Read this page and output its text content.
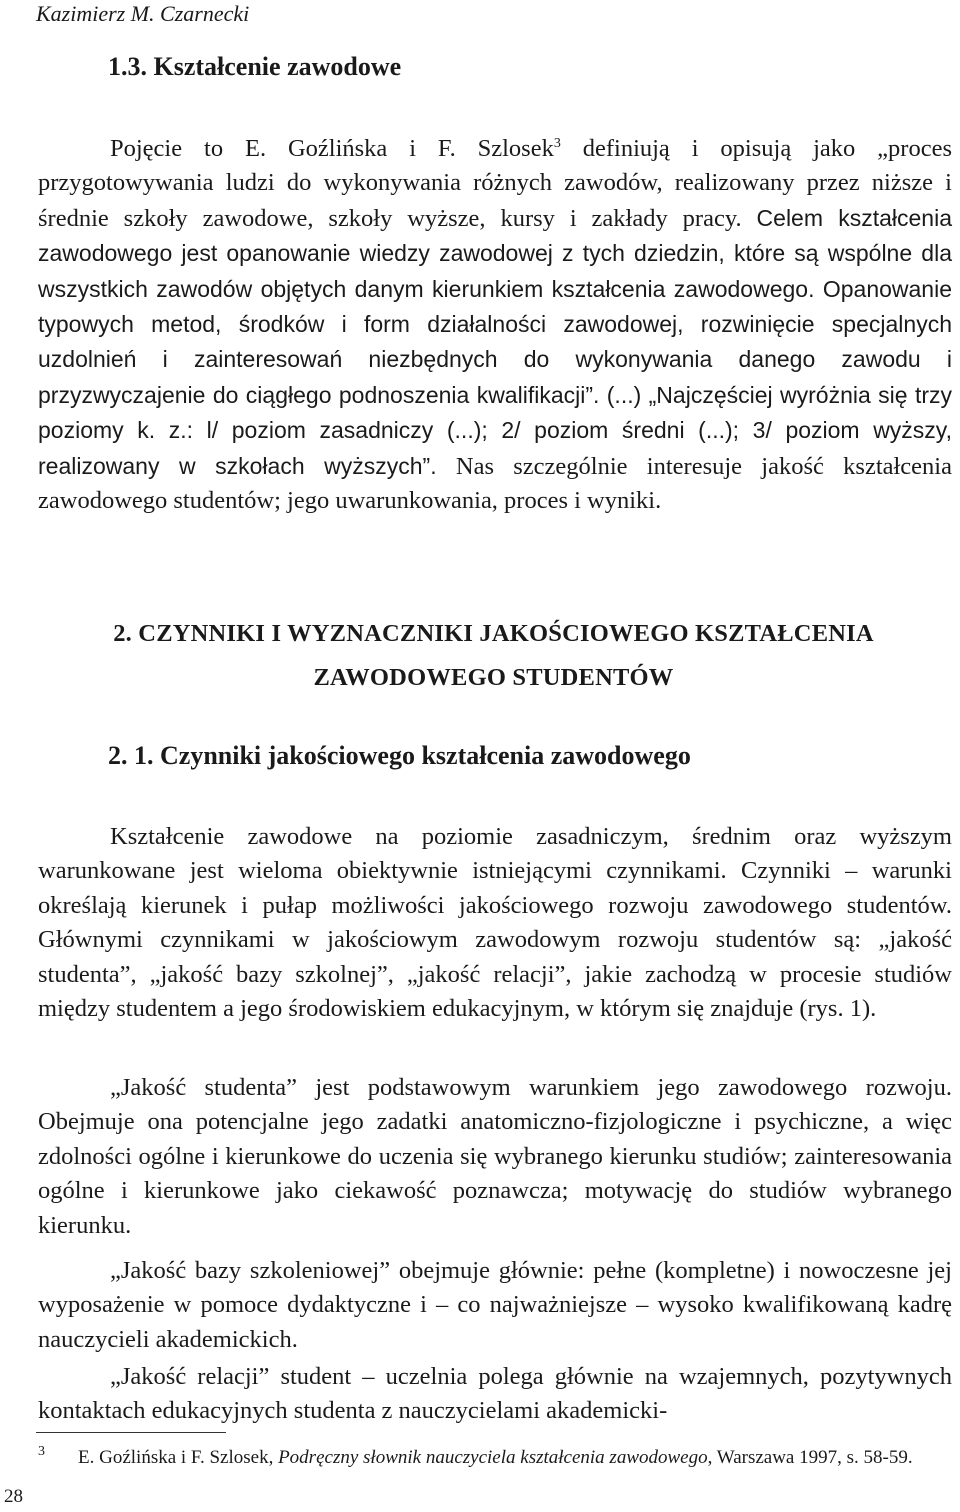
Kazimierz M. Czarnecki
1.3. Kształcenie zawodowe

Pojęcie to E. Goźlińska i F. Szlosek$^3$ definiują i opisują jako „proces przygotowywania ludzi do wykonywania różnych zawodów, realizowany przez niższe i średnie szkoły zawodowe, szkoły wyższe, kursy i zakłady pracy. Celem kształcenia zawodowego jest opanowanie wiedzy zawodowej z tych dziedzin, które są wspólne dla wszystkich zawodów objętych danym kierunkiem kształcenia zawodowego. Opanowanie typowych metod, środków i form działalności zawodowej, rozwinięcie specjalnych uzdolnień i zainteresowań niezbędnych do wykonywania danego zawodu i przyzwyczajenie do ciągłego podnoszenia kwalifikacji”. (...) „Najczęściej wyróżnia się trzy poziomy k. z.: l/ poziom zasadniczy (...); 2/ poziom średni (...); 3/ poziom wyższy, realizowany w szkołach wyższych”. Nas szczególnie interesuje jakość kształcenia zawodowego studentów; jego uwarunkowania, proces i wyniki.

2. CZYNNIKI I WYZNACZNIKI JAKOŚCIOWEGO KSZTAŁCENIA ZAWODOWEGO STUDENTÓW
2. 1. Czynniki jakościowego kształcenia zawodowego

Kształcenie zawodowe na poziomie zasadniczym, średnim oraz wyższym warunkowane jest wieloma obiektywnie istniejącymi czynnikami. Czynniki – warunki określają kierunek i pułap możliwości jakościowego rozwoju zawodowego studentów. Głównymi czynnikami w jakościowym zawodowym rozwoju studentów są: „jakość studenta”, „jakość bazy szkolnej”, „jakość relacji”, jakie zachodzą w procesie studiów między studentem a jego środowiskiem edukacyjnym, w którym się znajduje (rys. 1).

„Jakość studenta” jest podstawowym warunkiem jego zawodowego rozwoju. Obejmuje ona potencjalne jego zadatki anatomiczno-fizjologiczne i psychiczne, a więc zdolności ogólne i kierunkowe do uczenia się wybranego kierunku studiów; zainteresowania ogólne i kierunkowe jako ciekawość poznawcza; motywację do studiów wybranego kierunku.

„Jakość bazy szkoleniowej” obejmuje głównie: pełne (kompletne) i nowoczesne jej wyposażenie w pomoce dydaktyczne i – co najważniejsze – wysoko kwalifikowaną kadrę nauczycieli akademickich.

„Jakość relacji” student – uczelnia polega głównie na wzajemnych, pozytywnych kontaktach edukacyjnych studenta z nauczycielami akademicki-

3	E. Goźlińska i F. Szlosek, Podręczny słownik nauczyciela kształcenia zawodowego, Warszawa 1997, s. 58-59.
28
